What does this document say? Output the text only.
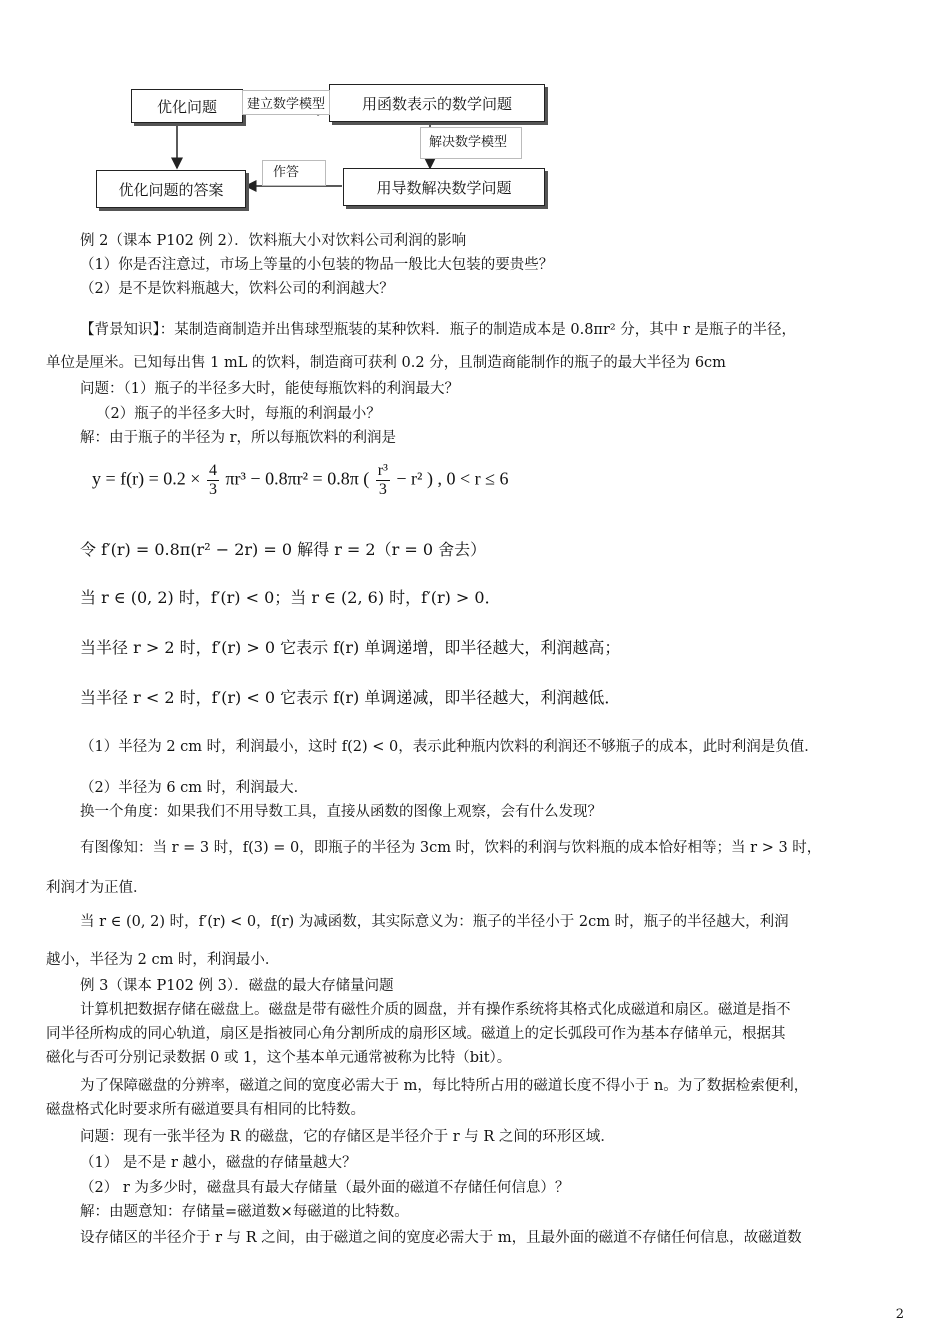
优化问题	用函数表示的数学问题
优化问题的答案	用导数解决数学问题
建立数学模型
解决数学模型
作答
例 2（课本 P102 例 2）．饮料瓶大小对饮料公司利润的影响
（1）你是否注意过，市场上等量的小包装的物品一般比大包装的要贵些？
（2）是不是饮料瓶越大，饮料公司的利润越大？
【背景知识】：某制造商制造并出售球型瓶装的某种饮料．瓶子的制造成本是 0.8πr² 分，其中 r 是瓶子的半径，
单位是厘米。已知每出售 1 mL 的饮料，制造商可获利 0.2 分，且制造商能制作的瓶子的最大半径为 6cm
问题：（1）瓶子的半径多大时，能使每瓶饮料的利润最大？
（2）瓶子的半径多大时，每瓶的利润最小？
解：由于瓶子的半径为 r，所以每瓶饮料的利润是
$y = f(r) = 0.2 \times \frac{4}{3} \pi r^3 - 0.8\pi r^2 = 0.8\pi$ ( $\frac{\text{r³}}{3} - r^2$ ) , 0 < r ≤ 6
令 f′(r) = 0.8π(r² − 2r) = 0 解得 r = 2（r = 0 舍去）
当 r ∈ (0, 2) 时，f′(r) < 0；当 r ∈ (2, 6) 时，f′(r) > 0．
当半径 r > 2 时，f′(r) > 0 它表示 f(r) 单调递增，即半径越大，利润越高；
当半径 r < 2 时，f′(r) < 0 它表示 f(r) 单调递减，即半径越大，利润越低．
（1）半径为 2 cm 时，利润最小，这时 f(2) < 0，表示此种瓶内饮料的利润还不够瓶子的成本，此时利润是负值．
（2）半径为 6 cm 时，利润最大．
换一个角度：如果我们不用导数工具，直接从函数的图像上观察，会有什么发现？
有图像知：当 r = 3 时，f(3) = 0，即瓶子的半径为 3cm 时，饮料的利润与饮料瓶的成本恰好相等；当 r > 3 时，
利润才为正值．
当 r ∈ (0, 2) 时，f′(r) < 0，f(r) 为减函数，其实际意义为：瓶子的半径小于 2cm 时，瓶子的半径越大，利润
越小，半径为 2 cm 时，利润最小．
例 3（课本 P102 例 3）．磁盘的最大存储量问题
计算机把数据存储在磁盘上。磁盘是带有磁性介质的圆盘，并有操作系统将其格式化成磁道和扇区。磁道是指不
同半径所构成的同心轨道，扇区是指被同心角分割所成的扇形区域。磁道上的定长弧段可作为基本存储单元，根据其
磁化与否可分别记录数据 0 或 1，这个基本单元通常被称为比特（bit）。
为了保障磁盘的分辨率，磁道之间的宽度必需大于 m，每比特所占用的磁道长度不得小于 n。为了数据检索便利，
磁盘格式化时要求所有磁道要具有相同的比特数。
问题：现有一张半径为 R 的磁盘，它的存储区是半径介于 r 与 R 之间的环形区域．
（1） 是不是 r 越小，磁盘的存储量越大？
（2） r 为多少时，磁盘具有最大存储量（最外面的磁道不存储任何信息）？
解：由题意知：存储量=磁道数×每磁道的比特数。
设存储区的半径介于 r 与 R 之间，由于磁道之间的宽度必需大于 m，且最外面的磁道不存储任何信息，故磁道数
2
